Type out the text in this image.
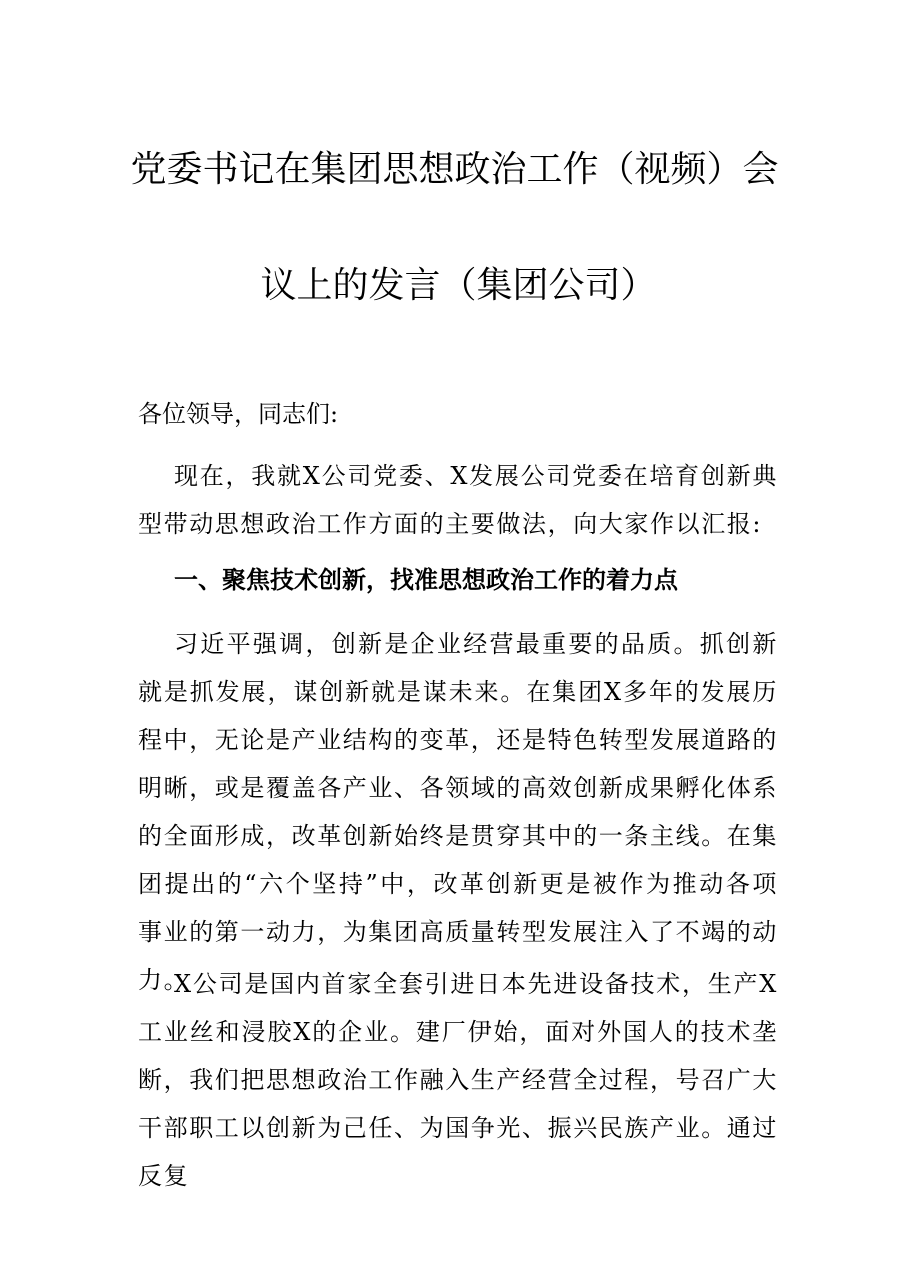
党委书记在集团思想政治工作（视频）会
议上的发言（集团公司）
各位领导，同志们:

现在，我就X公司党委、X发展公司党委在培育创新典型带动思想政治工作方面的主要做法，向大家作以汇报:

一、聚焦技术创新，找准思想政治工作的着力点

习近平强调，创新是企业经营最重要的品质。抓创新就是抓发展，谋创新就是谋未来。在集团X多年的发展历程中，无论是产业结构的变革，还是特色转型发展道路的明晰，或是覆盖各产业、各领域的高效创新成果孵化体系的全面形成，改革创新始终是贯穿其中的一条主线。在集团提出的“六个坚持”中，改革创新更是被作为推动各项事业的第一动力，为集团高质量转型发展注入了不竭的动力。

X公司是国内首家全套引进日本先进设备技术，生产X工业丝和浸胶X的企业。建厂伊始，面对外国人的技术垄断，我们把思想政治工作融入生产经营全过程，号召广大干部职工以创新为己任、为国争光、振兴民族产业。通过反复
